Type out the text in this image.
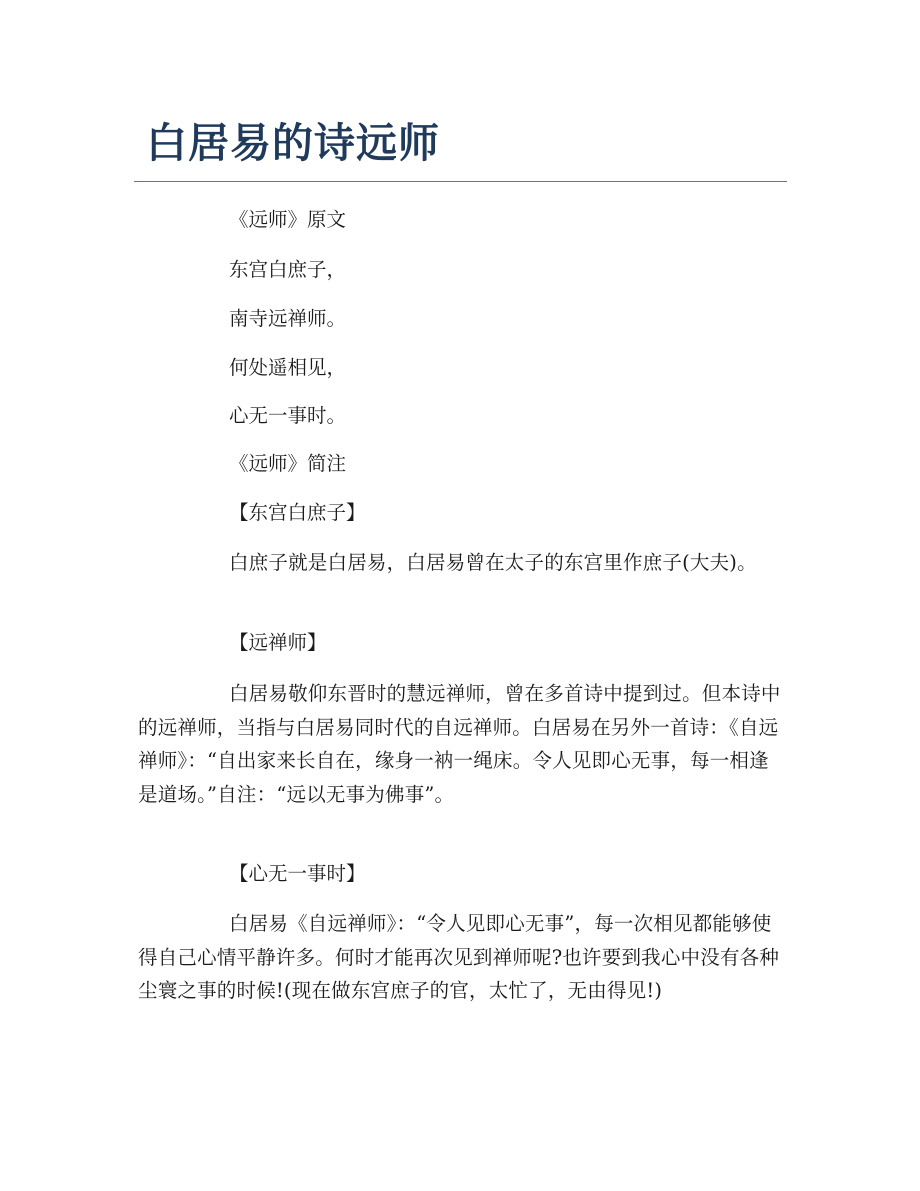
白居易的诗远师
《远师》原文
东宫白庶子，
南寺远禅师。
何处遥相见，
心无一事时。
《远师》简注
【东宫白庶子】
白庶子就是白居易，白居易曾在太子的东宫里作庶子(大夫)。
【远禅师】
白居易敬仰东晋时的慧远禅师，曾在多首诗中提到过。但本诗中的远禅师，当指与白居易同时代的自远禅师。白居易在另外一首诗：《自远禅师》：“自出家来长自在，缘身一衲一绳床。令人见即心无事，每一相逢是道场。”自注：“远以无事为佛事”。
【心无一事时】
白居易《自远禅师》：“令人见即心无事”，每一次相见都能够使得自己心情平静许多。何时才能再次见到禅师呢?也许要到我心中没有各种尘寰之事的时候!(现在做东宫庶子的官，太忙了，无由得见!)
